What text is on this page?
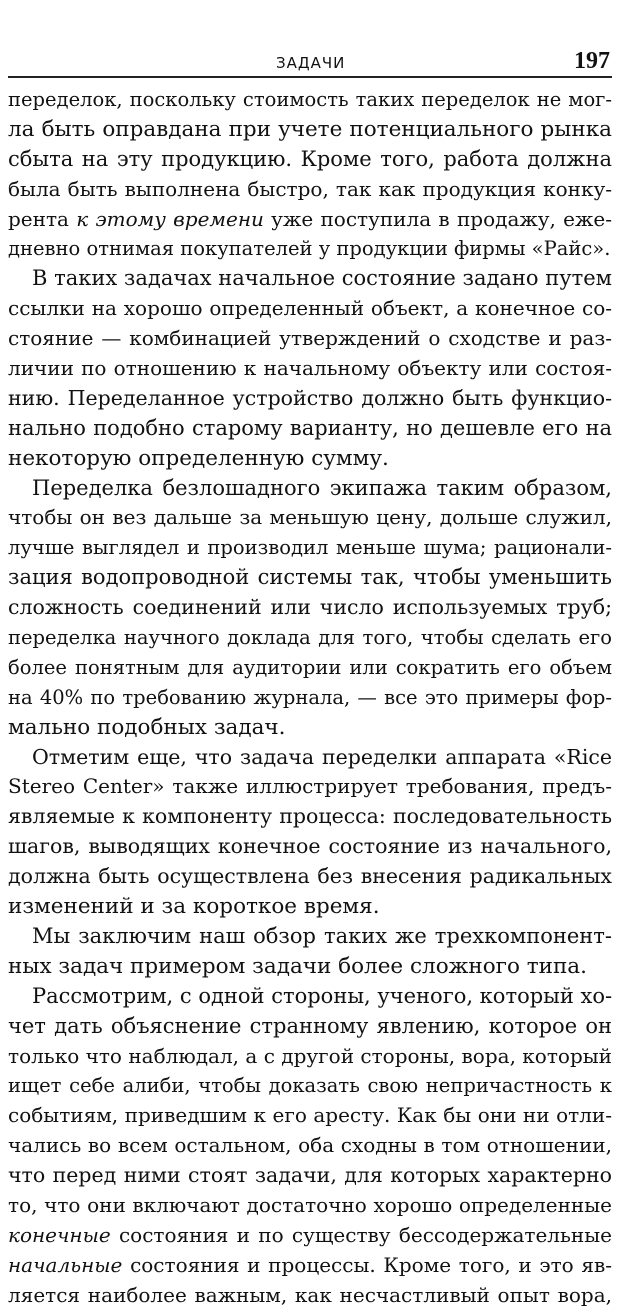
ЗАДАЧИ	197
переделок, поскольку стоимость таких переделок не мог-
ла быть оправдана при учете потенциального рынка
сбыта на эту продукцию. Кроме того, работа должна
была быть выполнена быстро, так как продукция конку-
рента к этому времени уже поступила в продажу, еже-
дневно отнимая покупателей у продукции фирмы «Райс».
В таких задачах начальное состояние задано путем
ссылки на хорошо определенный объект, а конечное со-
стояние — комбинацией утверждений о сходстве и раз-
личии по отношению к начальному объекту или состоя-
нию. Переделанное устройство должно быть функцио-
нально подобно старому варианту, но дешевле его на
некоторую определенную сумму.
Переделка безлошадного экипажа таким образом,
чтобы он вез дальше за меньшую цену, дольше служил,
лучше выглядел и производил меньше шума; рационали-
зация водопроводной системы так, чтобы уменьшить
сложность соединений или число используемых труб;
переделка научного доклада для того, чтобы сделать его
более понятным для аудитории или сократить его объем
на 40% по требованию журнала, — все это примеры фор-
мально подобных задач.
Отметим еще, что задача переделки аппарата «Rice
Stereo Center» также иллюстрирует требования, предъ-
являемые к компоненту процесса: последовательность
шагов, выводящих конечное состояние из начального,
должна быть осуществлена без внесения радикальных
изменений и за короткое время.
Мы заключим наш обзор таких же трехкомпонент-
ных задач примером задачи более сложного типа.
Рассмотрим, с одной стороны, ученого, который хо-
чет дать объяснение странному явлению, которое он
только что наблюдал, а с другой стороны, вора, который
ищет себе алиби, чтобы доказать свою непричастность к
событиям, приведшим к его аресту. Как бы они ни отли-
чались во всем остальном, оба сходны в том отношении,
что перед ними стоят задачи, для которых характерно
то, что они включают достаточно хорошо определенные
конечные состояния и по существу бессодержательные
начальные состояния и процессы. Кроме того, и это яв-
ляется наиболее важным, как несчастливый опыт вора,
